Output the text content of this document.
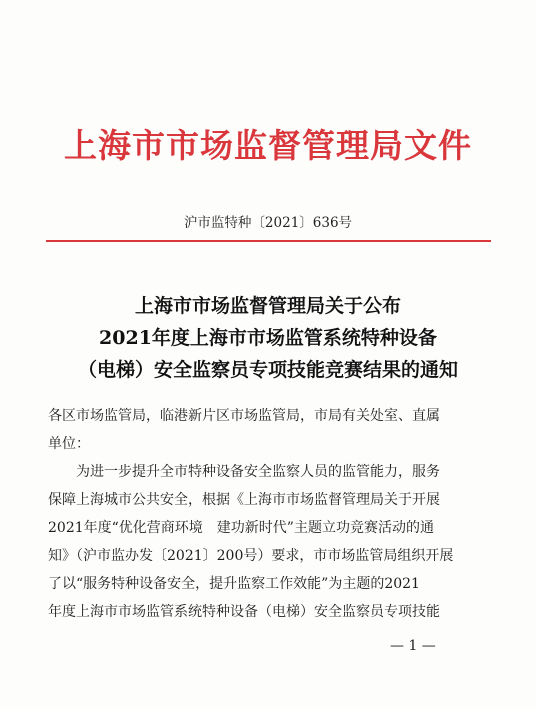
上海市市场监督管理局文件
沪市监特种〔2021〕636号
上海市市场监督管理局关于公布
2021年度上海市市场监管系统特种设备
（电梯）安全监察员专项技能竞赛结果的通知
各区市场监管局，临港新片区市场监管局，市局有关处室、直属
单位：
为进一步提升全市特种设备安全监察人员的监管能力，服务
保障上海城市公共安全，根据《上海市市场监督管理局关于开展
2021年度“优化营商环境　建功新时代”主题立功竞赛活动的通
知》（沪市监办发〔2021〕200号）要求，市市场监管局组织开展
了以“服务特种设备安全，提升监察工作效能”为主题的2021
年度上海市市场监管系统特种设备（电梯）安全监察员专项技能
— 1 —
